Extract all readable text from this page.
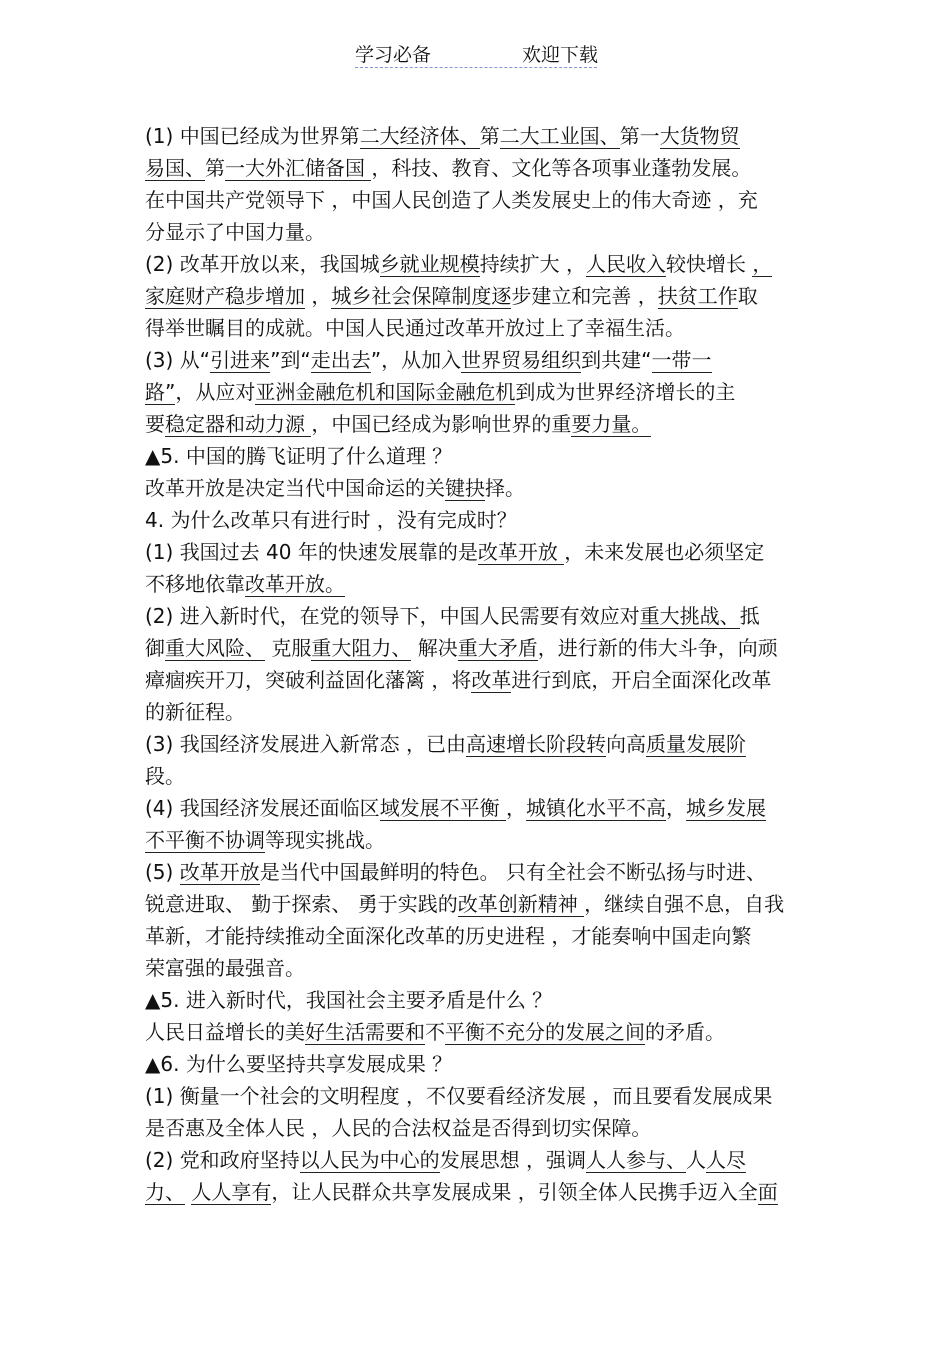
学习必备	欢迎下载
(1) 中国已经成为世界第二大经济体、第二大工业国、第一大货物贸
易国、第一大外汇储备国 ，科技、教育、文化等各项事业蓬勃发展。
在中国共产党领导下 ，中国人民创造了人类发展史上的伟大奇迹 ，充
分显示了中国力量。
(2) 改革开放以来，我国城乡就业规模持续扩大 ，人民收入较快增长 ，
家庭财产稳步增加 ，城乡社会保障制度逐步建立和完善 ，扶贫工作取
得举世瞩目的成就。中国人民通过改革开放过上了幸福生活。
(3) 从“引进来”到“走出去”，从加入世界贸易组织到共建“一带一
路”，从应对亚洲金融危机和国际金融危机到成为世界经济增长的主
要稳定器和动力源 ，中国已经成为影响世界的重要力量。
▲5. 中国的腾飞证明了什么道理 ？
改革开放是决定当代中国命运的关键抉择。
4. 为什么改革只有进行时 ，没有完成时？
(1) 我国过去 40 年的快速发展靠的是改革开放 ，未来发展也必须坚定
不移地依靠改革开放。
(2) 进入新时代，在党的领导下，中国人民需要有效应对重大挑战、抵
御重大风险、 克服重大阻力、 解决重大矛盾，进行新的伟大斗争，向顽
瘴痼疾开刀，突破利益固化藩篱 ，将改革进行到底，开启全面深化改革
的新征程。
(3) 我国经济发展进入新常态 ，已由高速增长阶段转向高质量发展阶
段。
(4) 我国经济发展还面临区域发展不平衡 ，城镇化水平不高，城乡发展
不平衡不协调等现实挑战。
(5) 改革开放是当代中国最鲜明的特色。 只有全社会不断弘扬与时进、
锐意进取、 勤于探索、 勇于实践的改革创新精神 ，继续自强不息，自我
革新，才能持续推动全面深化改革的历史进程 ，才能奏响中国走向繁
荣富强的最强音。
▲5. 进入新时代，我国社会主要矛盾是什么 ？
人民日益增长的美好生活需要和不平衡不充分的发展之间的矛盾。
▲6. 为什么要坚持共享发展成果 ？
(1) 衡量一个社会的文明程度 ，不仅要看经济发展 ，而且要看发展成果
是否惠及全体人民 ，人民的合法权益是否得到切实保障。
(2) 党和政府坚持以人民为中心的发展思想 ，强调人人参与、人人尽
力、 人人享有，让人民群众共享发展成果 ，引领全体人民携手迈入全面
